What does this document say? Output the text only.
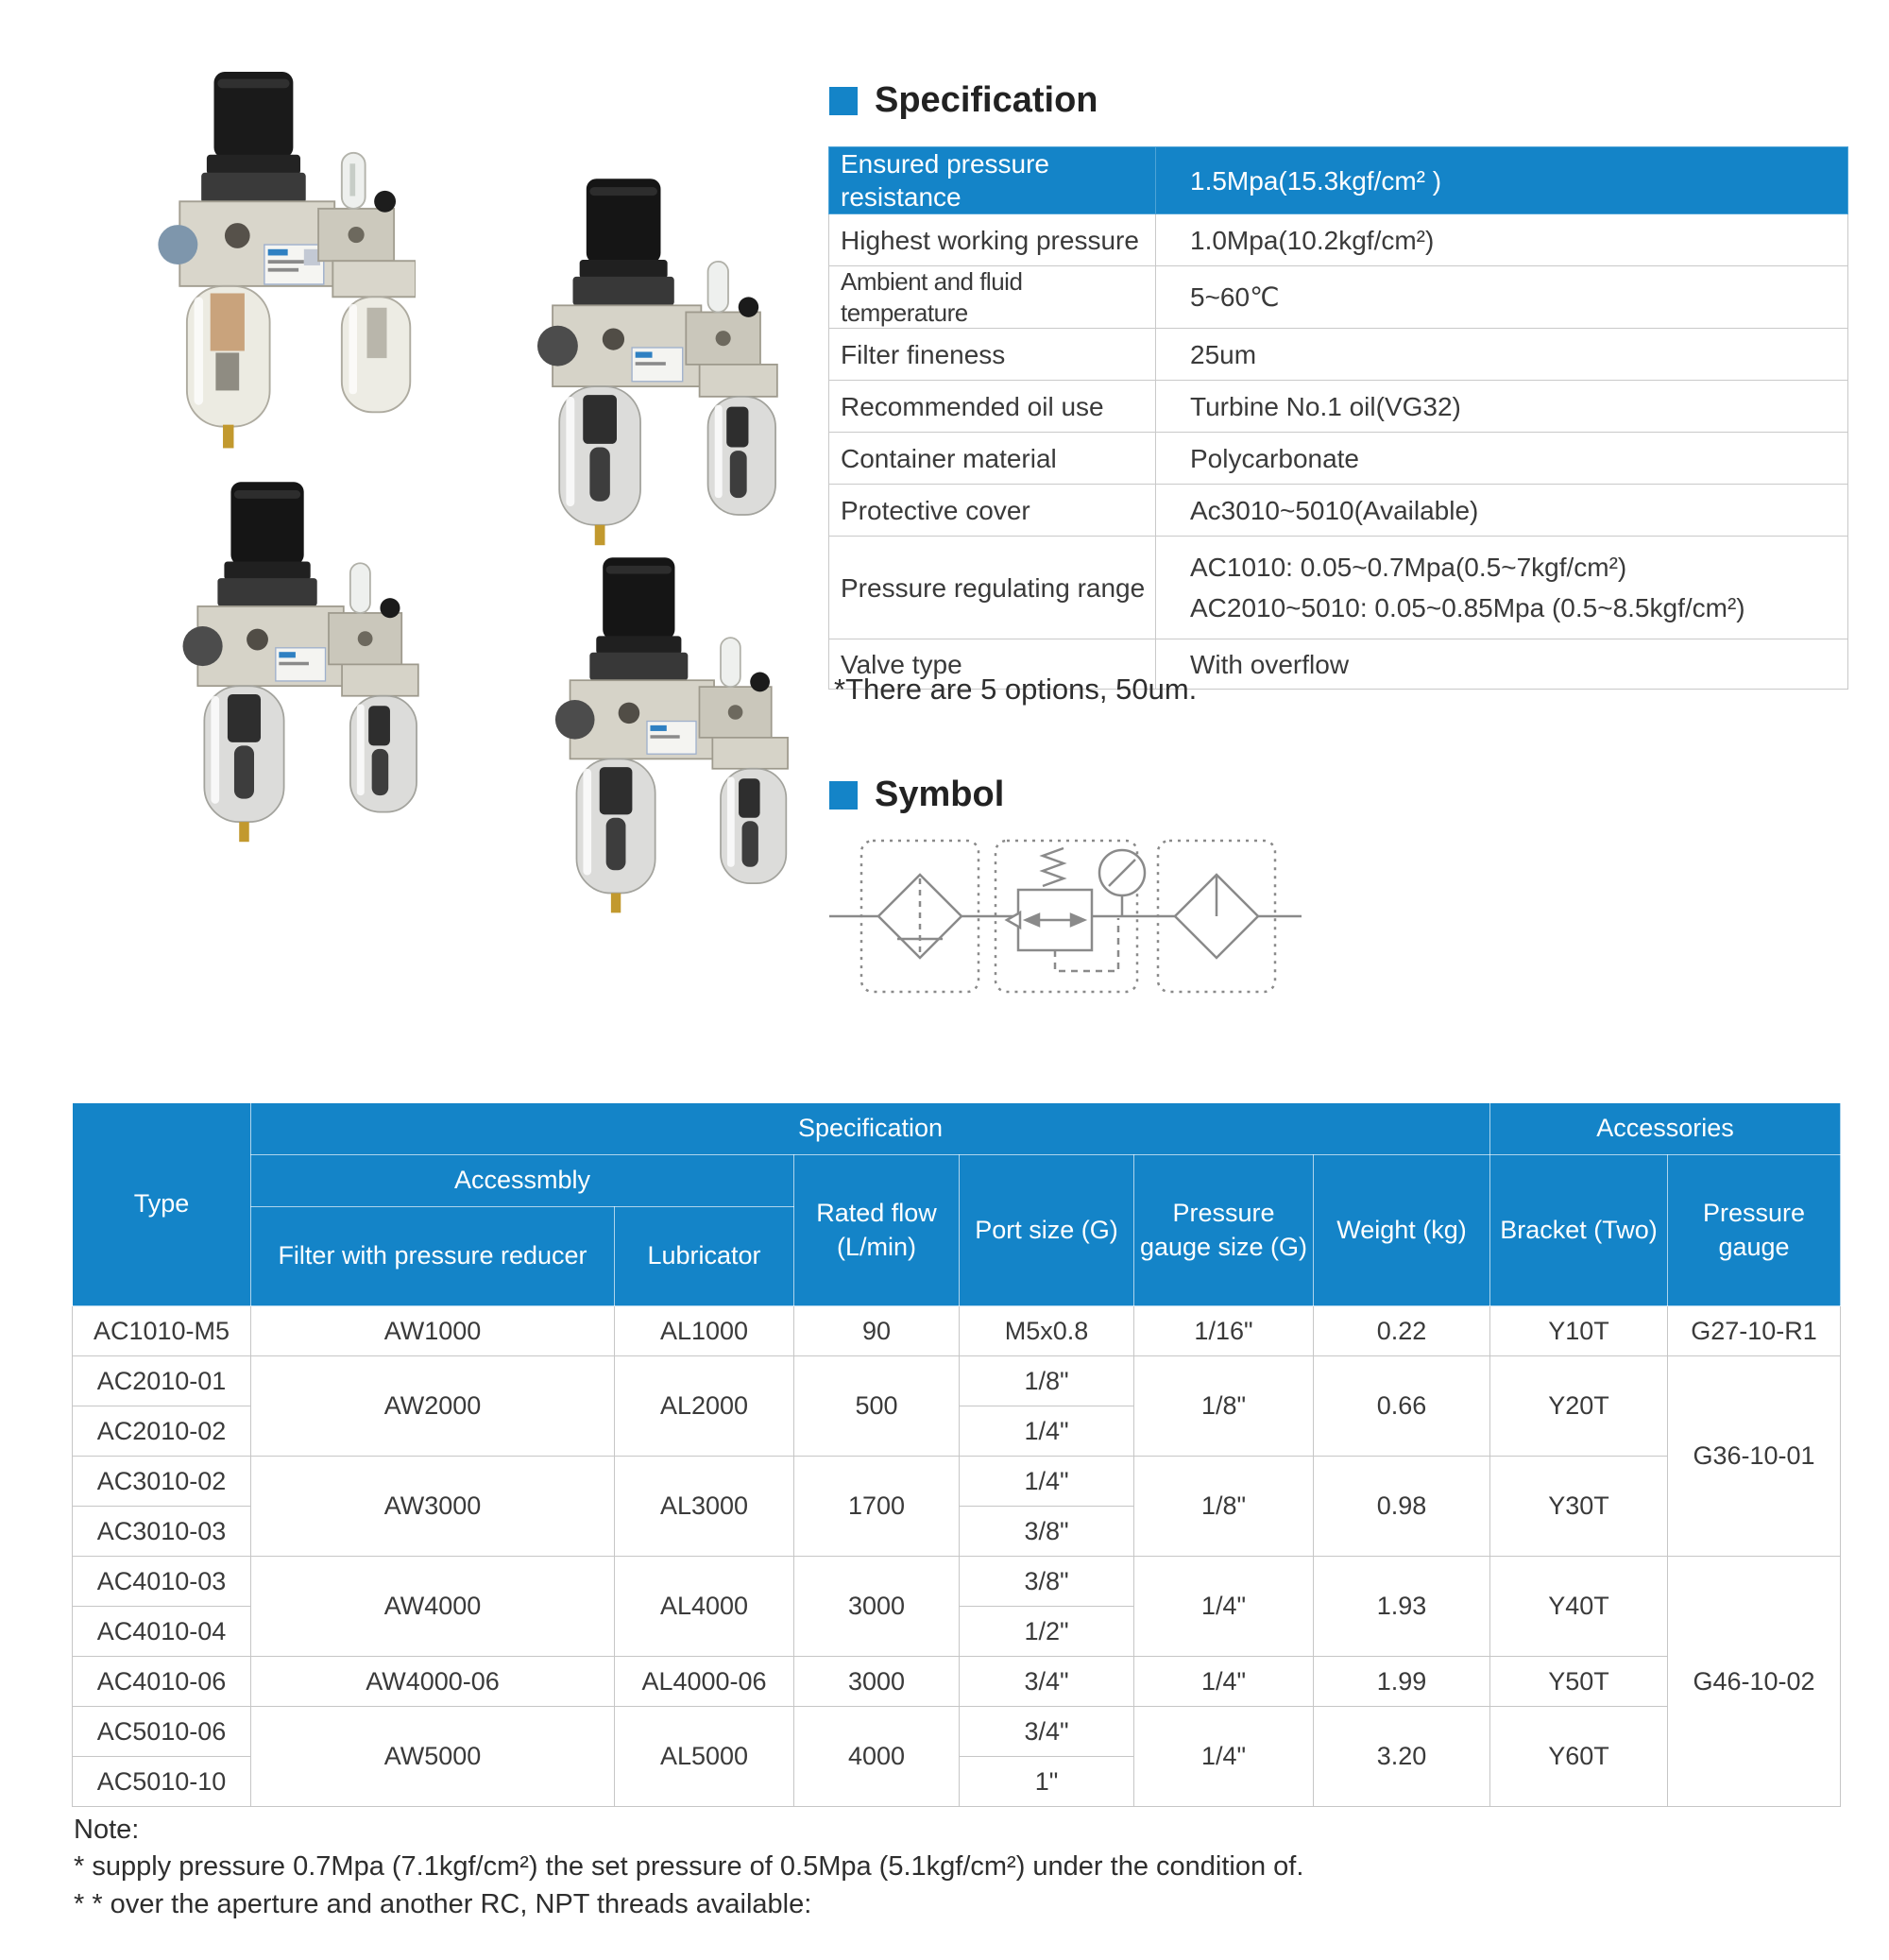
Specification
Ensured pressure resistance	1.5Mpa(15.3kgf/cm² )
Highest working pressure	1.0Mpa(10.2kgf/cm²)
Ambient and fluid temperature	5~60℃
Filter fineness	25um
Recommended oil use	Turbine No.1 oil(VG32)
Container material	Polycarbonate
Protective cover	Ac3010~5010(Available)
Pressure regulating range	AC1010: 0.05~0.7Mpa(0.5~7kgf/cm²)
AC2010~5010: 0.05~0.85Mpa (0.5~8.5kgf/cm²)

Valve type	With overflow
*There are 5 options, 50um.
Symbol
Type	Specification						Accessories	
	Accessmbly		Rated flow (L/min)	Port size (G)	Pressure gauge size (G)	Weight (kg)	Bracket (Two)	Pressure gauge
	Filter with pressure reducer	Lubricator						
AC1010-M5	AW1000	AL1000	90	M5x0.8	1/16"	0.22	Y10T	G27-10-R1
AC2010-01	AW2000	AL2000	500	1/8"	1/8"	0.66	Y20T	G36-10-01
AC2010-02				1/4"				
AC3010-02	AW3000	AL3000	1700	1/4"	1/8"	0.98	Y30T	
AC3010-03				3/8"				
AC4010-03	AW4000	AL4000	3000	3/8"	1/4"	1.93	Y40T	G46-10-02
AC4010-04				1/2"				
AC4010-06	AW4000-06	AL4000-06	3000	3/4"	1/4"	1.99	Y50T	
AC5010-06	AW5000	AL5000	4000	3/4"	1/4"	3.20	Y60T	
AC5010-10				1"				
Note:
* supply pressure 0.7Mpa (7.1kgf/cm²) the set pressure of 0.5Mpa (5.1kgf/cm²) under the condition of.
* * over the aperture and another RC, NPT threads available:
